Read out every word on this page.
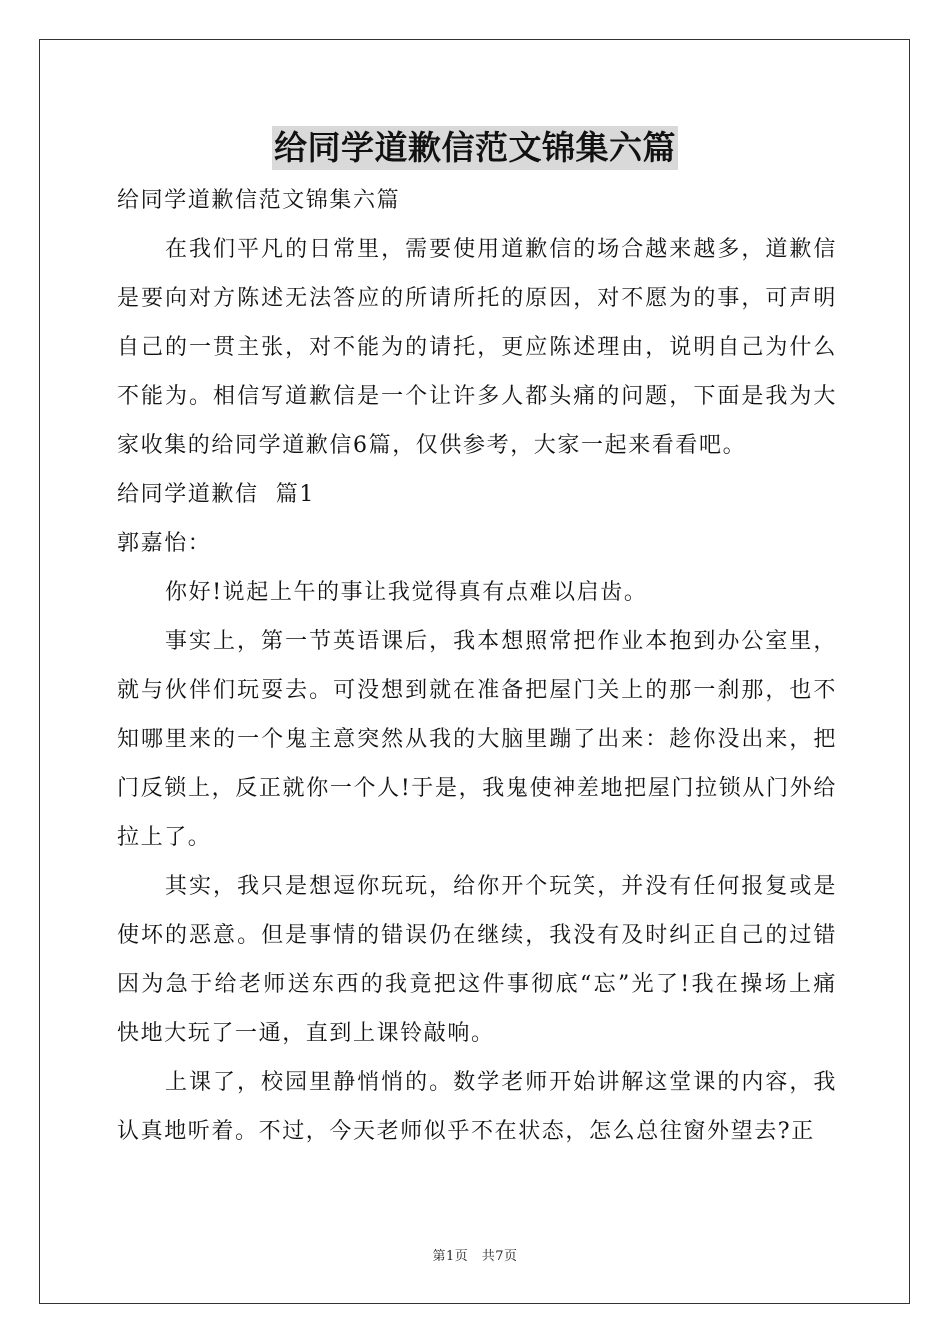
给同学道歉信范文锦集六篇

给同学道歉信范文锦集六篇

在我们平凡的日常里，需要使用道歉信的场合越来越多，道歉信是要向对方陈述无法答应的所请所托的原因，对不愿为的事，可声明自己的一贯主张，对不能为的请托，更应陈述理由，说明自己为什么不能为。相信写道歉信是一个让许多人都头痛的问题，下面是我为大家收集的给同学道歉信6篇，仅供参考，大家一起来看看吧。

给同学道歉信  篇1

郭嘉怡：

你好!说起上午的事让我觉得真有点难以启齿。

事实上，第一节英语课后，我本想照常把作业本抱到办公室里，就与伙伴们玩耍去。可没想到就在准备把屋门关上的那一刹那，也不知哪里来的一个鬼主意突然从我的大脑里蹦了出来：趁你没出来，把门反锁上，反正就你一个人!于是，我鬼使神差地把屋门拉锁从门外给拉上了。

其实，我只是想逗你玩玩，给你开个玩笑，并没有任何报复或是使坏的恶意。但是事情的错误仍在继续，我没有及时纠正自己的过错因为急于给老师送东西的我竟把这件事彻底“忘”光了!我在操场上痛快地大玩了一通，直到上课铃敲响。

上课了，校园里静悄悄的。数学老师开始讲解这堂课的内容，我认真地听着。不过，今天老师似乎不在状态，怎么总往窗外望去?正

第1页　共7页
